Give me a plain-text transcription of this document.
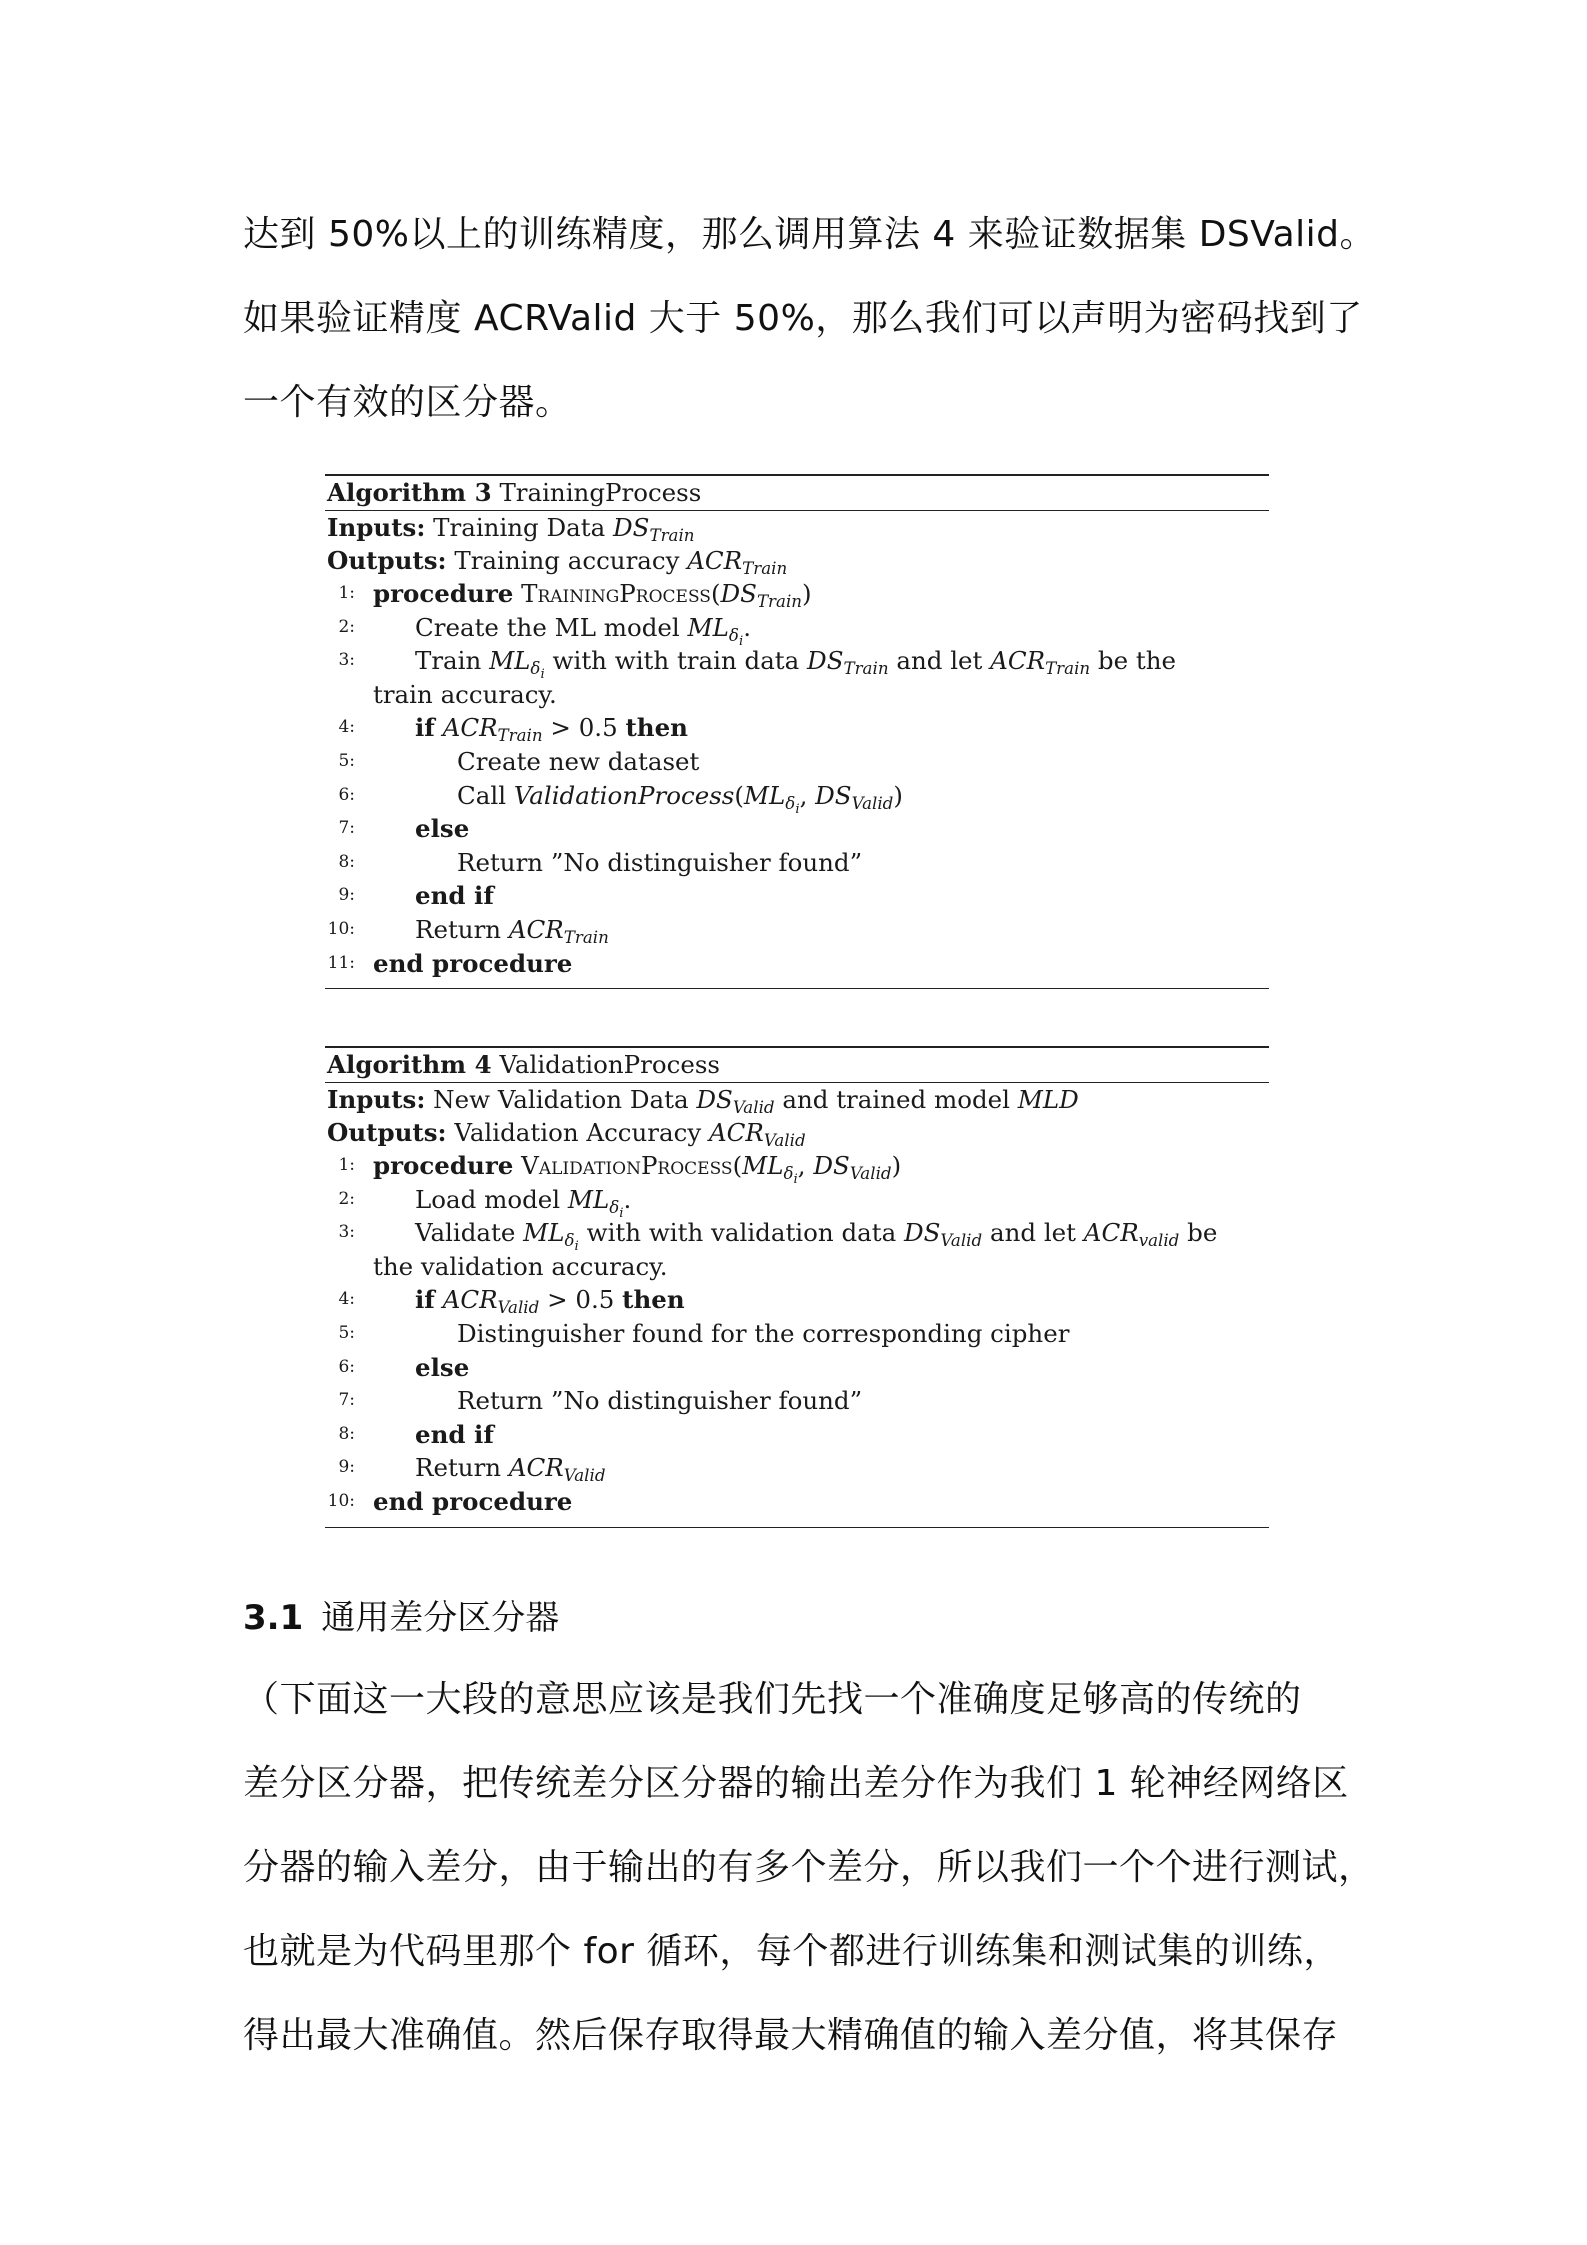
达到 50%以上的训练精度，那么调用算法 4 来验证数据集 DSValid。
如果验证精度 ACRValid 大于 50%，那么我们可以声明为密码找到了
一个有效的区分器。
Algorithm 3 TrainingProcess
Inputs: Training Data $DS_{Train}$
Outputs: Training accuracy $ACR_{Train}$
1: procedure $TrainingProcess(DS_{Train})$
2: Create the ML model $ML_{\delta_i}$.
3: Train $ML_{\delta_i}$ with with train data $DS_{Train}$ and let $ACR_{Train}$ be the
train accuracy.
4: if $ACR_{Train} > 0.5$ then
5:	Create new dataset
6:	Call $ValidationProcess(ML_{\delta_i}$, $DS_{Valid}$)
7: else
8:	Return ”No distinguisher found”
9: end if
10: Return $ACR_{Train}$
11: end procedure
Algorithm 4 ValidationProcess
Inputs: New Validation Data $DS_{Valid}$ and trained model MLD
Outputs: Validation Accuracy $ACR_{Valid}$
1: procedure $ValidationProcess(ML_{\delta_i}$, $DS_{Valid}$)
2: Load model $ML_{\delta_i}$.
3: Validate $ML_{\delta_i}$ with with validation data $DS_{Valid}$ and let $ACR_{valid}$ be
the validation accuracy.
4: if $ACR_{Valid} > 0.5$ then
5:	Distinguisher found for the corresponding cipher
6: else
7:	Return ”No distinguisher found”
8: end if
9: Return $ACR_{Valid}$
10: end procedure
3.1 通用差分区分器
（下面这一大段的意思应该是我们先找一个准确度足够高的传统的
差分区分器，把传统差分区分器的输出差分作为我们 1 轮神经网络区
分器的输入差分，由于输出的有多个差分，所以我们一个个进行测试，
也就是为代码里那个 for 循环，每个都进行训练集和测试集的训练，
得出最大准确值。然后保存取得最大精确值的输入差分值，将其保存
